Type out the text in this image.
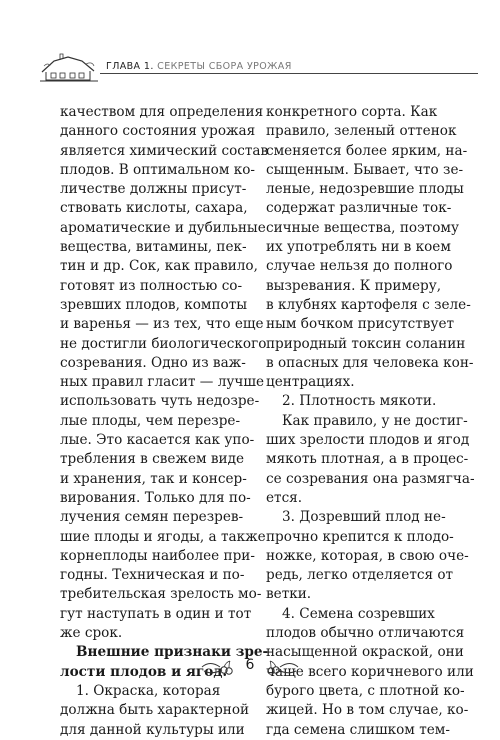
ГЛАВА 1. СЕКРЕТЫ СБОРА УРОЖАЯ
качеством для определения
данного состояния урожая
является химический состав
плодов. В оптимальном ко-
личестве должны присут-
ствовать кислоты, сахара,
ароматические и дубильные
вещества, витамины, пек-
тин и др. Сок, как правило,
готовят из полностью со-
зревших плодов, компоты
и варенья — из тех, что еще
не достигли биологического
созревания. Одно из важ-
ных правил гласит — лучше
использовать чуть недозре-
лые плоды, чем перезре-
лые. Это касается как упо-
требления в свежем виде
и хранения, так и консер-
вирования. Только для по-
лучения семян перезрев-
шие плоды и ягоды, а также
корнеплоды наиболее при-
годны. Техническая и по-
требительская зрелость мо-
гут наступать в один и тот
же срок.
Внешние признаки зре-
лости плодов и ягод.
1. Окраска, которая
должна быть характерной
для данной культуры или
конкретного сорта. Как
правило, зеленый оттенок
сменяется более ярким, на-
сыщенным. Бывает, что зе-
леные, недозревшие плоды
содержат различные ток-
сичные вещества, поэтому
их употреблять ни в коем
случае нельзя до полного
вызревания. К примеру,
в клубнях картофеля с зеле-
ным бочком присутствует
природный токсин соланин
в опасных для человека кон-
центрациях.
2. Плотность мякоти.
Как правило, у не достиг-
ших зрелости плодов и ягод
мякоть плотная, а в процес-
се созревания она размягча-
ется.
3. Дозревший плод не-
прочно крепится к плодо-
ножке, которая, в свою оче-
редь, легко отделяется от
ветки.
4. Семена созревших
плодов обычно отличаются
насыщенной окраской, они
чаще всего коричневого или
бурого цвета, с плотной ко-
жицей. Но в том случае, ко-
гда семена слишком тем-
6
